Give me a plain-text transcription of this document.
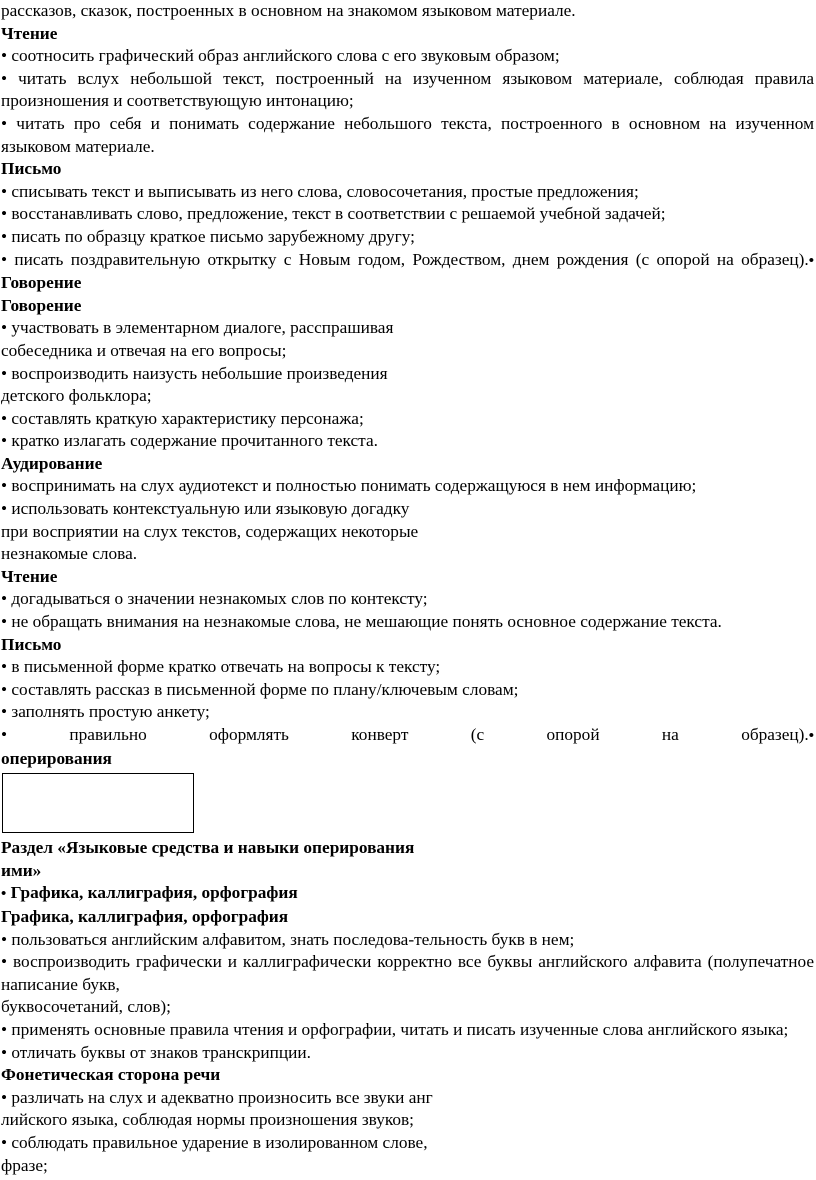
рассказов, сказок, построенных в основном на знакомом языковом материале.

Чтение

• соотносить графический образ английского слова с его звуковым образом;

• читать вслух небольшой текст, построенный на изученном языковом материале, соблюдая правила произношения и соответствующую интонацию;

• читать про себя и понимать содержание небольшого текста, построенного в основном на изученном языковом материале.

Письмо

• списывать текст и выписывать из него слова, словосочетания, простые предложения;

• восстанавливать слово, предложение, текст в соответствии с решаемой учебной задачей;

• писать по образцу краткое письмо зарубежному другу;

• писать поздравительную открытку с Новым годом, Рождеством, днем рождения (с опорой на образец).• Говорение

Говорение

• участвовать в элементарном диалоге, расспрашивая

собеседника и отвечая на его вопросы;

• воспроизводить наизусть небольшие произведения

детского фольклора;

• составлять краткую характеристику персонажа;

• кратко излагать содержание прочитанного текста.

Аудирование

• воспринимать на слух аудиотекст и полностью понимать содержащуюся в нем информацию;

• использовать контекстуальную или языковую догадку

при восприятии на слух текстов, содержащих некоторые

незнакомые слова.

Чтение

• догадываться о значении незнакомых слов по контексту;

• не обращать внимания на незнакомые слова, не мешающие понять основное содержание текста.

Письмо

• в письменной форме кратко отвечать на вопросы к тексту;

• составлять рассказ в письменной форме по плану/ключевым словам;

• заполнять простую анкету;

•	правильно	оформлять	конверт	(с	опорой	на	образец).•

оперирования

Раздел «Языковые средства и навыки оперирования

ими»

• Графика, каллиграфия, орфография

Графика, каллиграфия, орфография

• пользоваться английским алфавитом, знать последова-тельность букв в нем;

• воспроизводить графически и каллиграфически корректно все буквы английского алфавита (полупечатное написание букв,

буквосочетаний, слов);

• применять основные правила чтения и орфографии, читать и писать изученные слова английского языка;

• отличать буквы от знаков транскрипции.

Фонетическая сторона речи

• различать на слух и адекватно произносить все звуки анг

лийского языка, соблюдая нормы произношения звуков;

• соблюдать правильное ударение в изолированном слове,

фразе;
